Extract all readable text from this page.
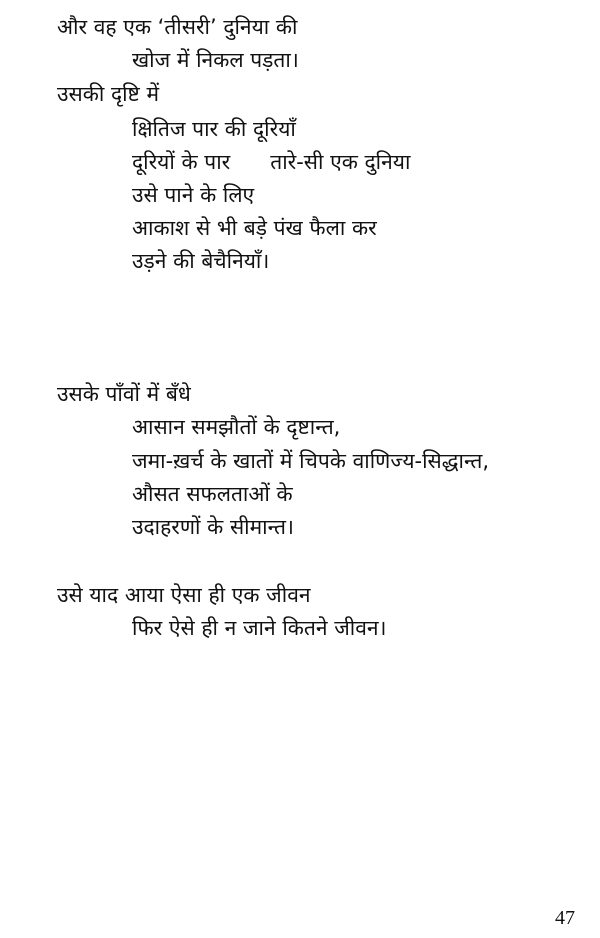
और वह एक ‘तीसरी’ दुनिया की
खोज में निकल पड़ता।
उसकी दृष्टि में
क्षितिज पार की दूरियाँ
दूरियों के पार तारे-सी एक दुनिया
उसे पाने के लिए
आकाश से भी बड़े पंख फैला कर
उड़ने की बेचैनियाँ।
उसके पाँवों में बँधे
आसान समझौतों के दृष्टान्त,
जमा-ख़र्च के खातों में चिपके वाणिज्य-सिद्धान्त,
औसत सफलताओं के
उदाहरणों के सीमान्त।
उसे याद आया ऐसा ही एक जीवन
फिर ऐसे ही न जाने कितने जीवन।
47
